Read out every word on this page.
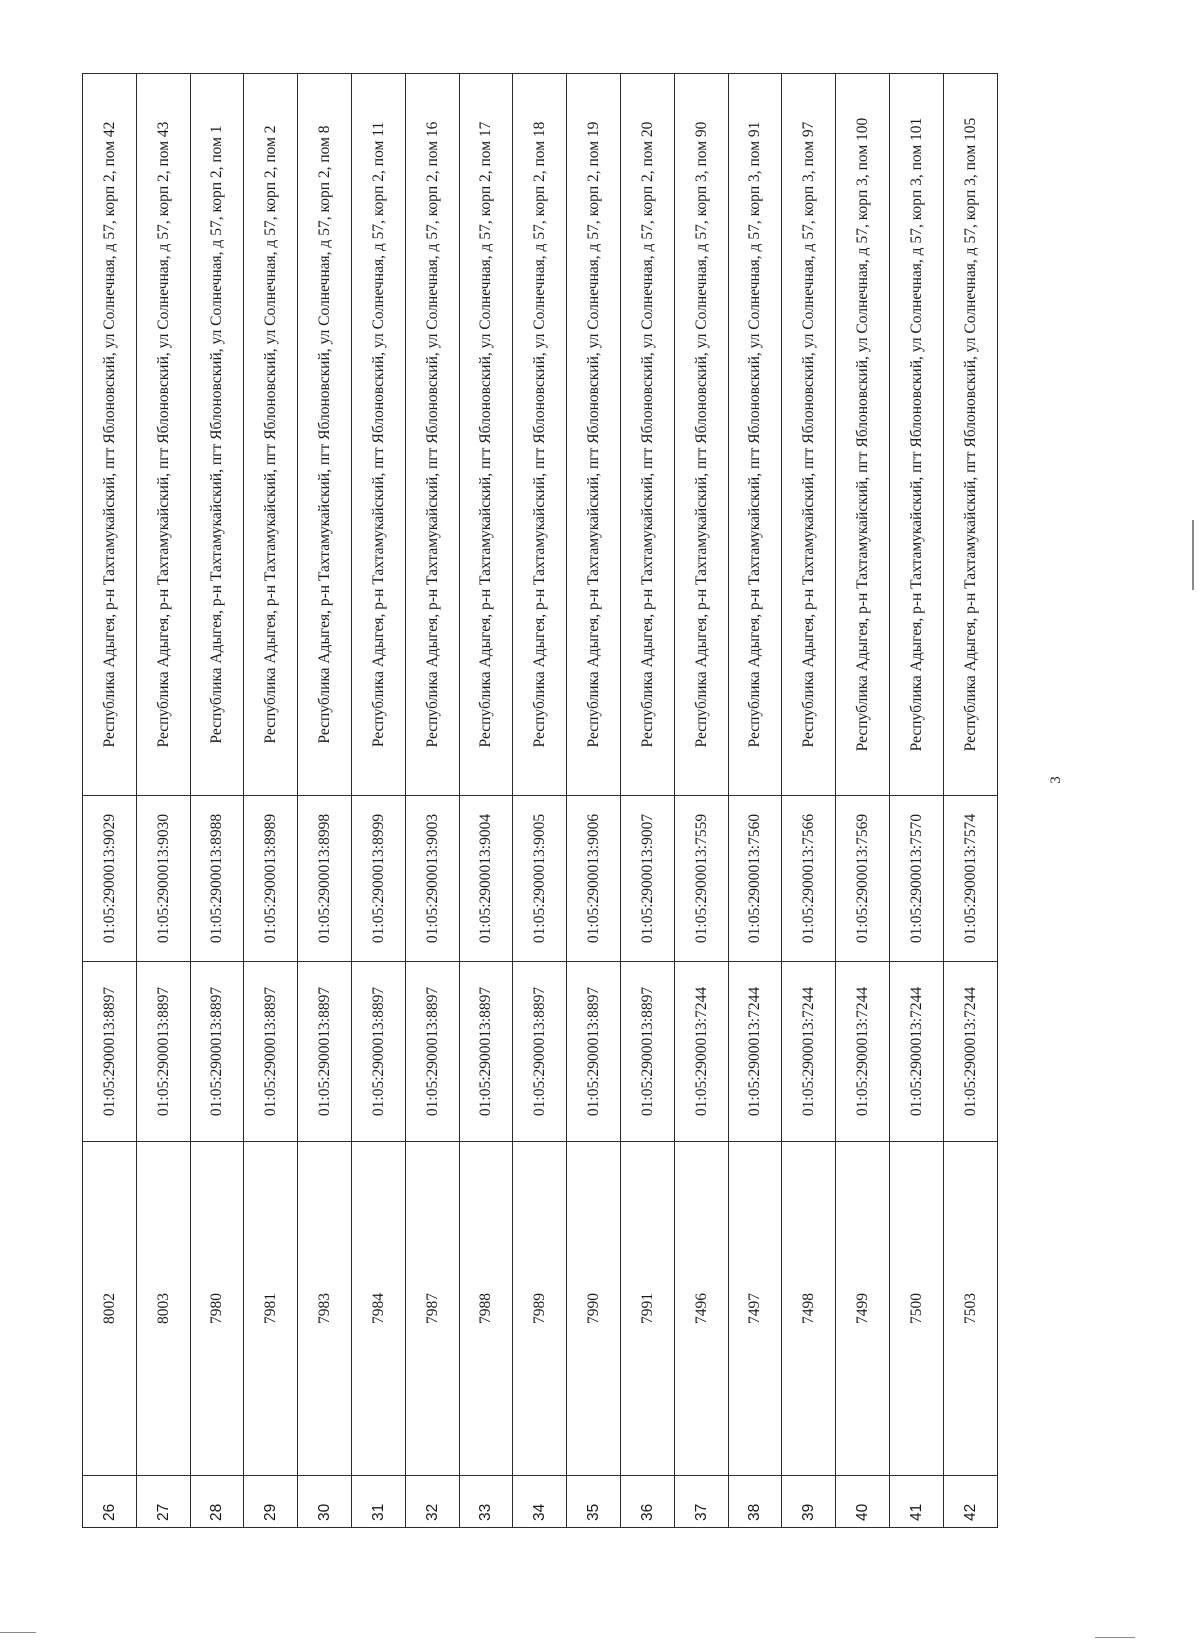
26	8002	01:05:2900013:8897	01:05:2900013:9029	Республика Адыгея, р-н Тахтамукайский, пгт Яблоновский, ул Солнечная, д 57, корп 2, пом 42
27	8003	01:05:2900013:8897	01:05:2900013:9030	Республика Адыгея, р-н Тахтамукайский, пгт Яблоновский, ул Солнечная, д 57, корп 2, пом 43
28	7980	01:05:2900013:8897	01:05:2900013:8988	Республика Адыгея, р-н Тахтамукайский, пгт Яблоновский, ул Солнечная, д 57, корп 2, пом 1
29	7981	01:05:2900013:8897	01:05:2900013:8989	Республика Адыгея, р-н Тахтамукайский, пгт Яблоновский, ул Солнечная, д 57, корп 2, пом 2
30	7983	01:05:2900013:8897	01:05:2900013:8998	Республика Адыгея, р-н Тахтамукайский, пгт Яблоновский, ул Солнечная, д 57, корп 2, пом 8
31	7984	01:05:2900013:8897	01:05:2900013:8999	Республика Адыгея, р-н Тахтамукайский, пгт Яблоновский, ул Солнечная, д 57, корп 2, пом 11
32	7987	01:05:2900013:8897	01:05:2900013:9003	Республика Адыгея, р-н Тахтамукайский, пгт Яблоновский, ул Солнечная, д 57, корп 2, пом 16
33	7988	01:05:2900013:8897	01:05:2900013:9004	Республика Адыгея, р-н Тахтамукайский, пгт Яблоновский, ул Солнечная, д 57, корп 2, пом 17
34	7989	01:05:2900013:8897	01:05:2900013:9005	Республика Адыгея, р-н Тахтамукайский, пгт Яблоновский, ул Солнечная, д 57, корп 2, пом 18
35	7990	01:05:2900013:8897	01:05:2900013:9006	Республика Адыгея, р-н Тахтамукайский, пгт Яблоновский, ул Солнечная, д 57, корп 2, пом 19
36	7991	01:05:2900013:8897	01:05:2900013:9007	Республика Адыгея, р-н Тахтамукайский, пгт Яблоновский, ул Солнечная, д 57, корп 2, пом 20
37	7496	01:05:2900013:7244	01:05:2900013:7559	Республика Адыгея, р-н Тахтамукайский, пгт Яблоновский, ул Солнечная, д 57, корп 3, пом 90
38	7497	01:05:2900013:7244	01:05:2900013:7560	Республика Адыгея, р-н Тахтамукайский, пгт Яблоновский, ул Солнечная, д 57, корп 3, пом 91
39	7498	01:05:2900013:7244	01:05:2900013:7566	Республика Адыгея, р-н Тахтамукайский, пгт Яблоновский, ул Солнечная, д 57, корп 3, пом 97
40	7499	01:05:2900013:7244	01:05:2900013:7569	Республика Адыгея, р-н Тахтамукайский, пгт Яблоновский, ул Солнечная, д 57, корп 3, пом 100
41	7500	01:05:2900013:7244	01:05:2900013:7570	Республика Адыгея, р-н Тахтамукайский, пгт Яблоновский, ул Солнечная, д 57, корп 3, пом 101
42	7503	01:05:2900013:7244	01:05:2900013:7574	Республика Адыгея, р-н Тахтамукайский, пгт Яблоновский, ул Солнечная, д 57, корп 3, пом 105
3
